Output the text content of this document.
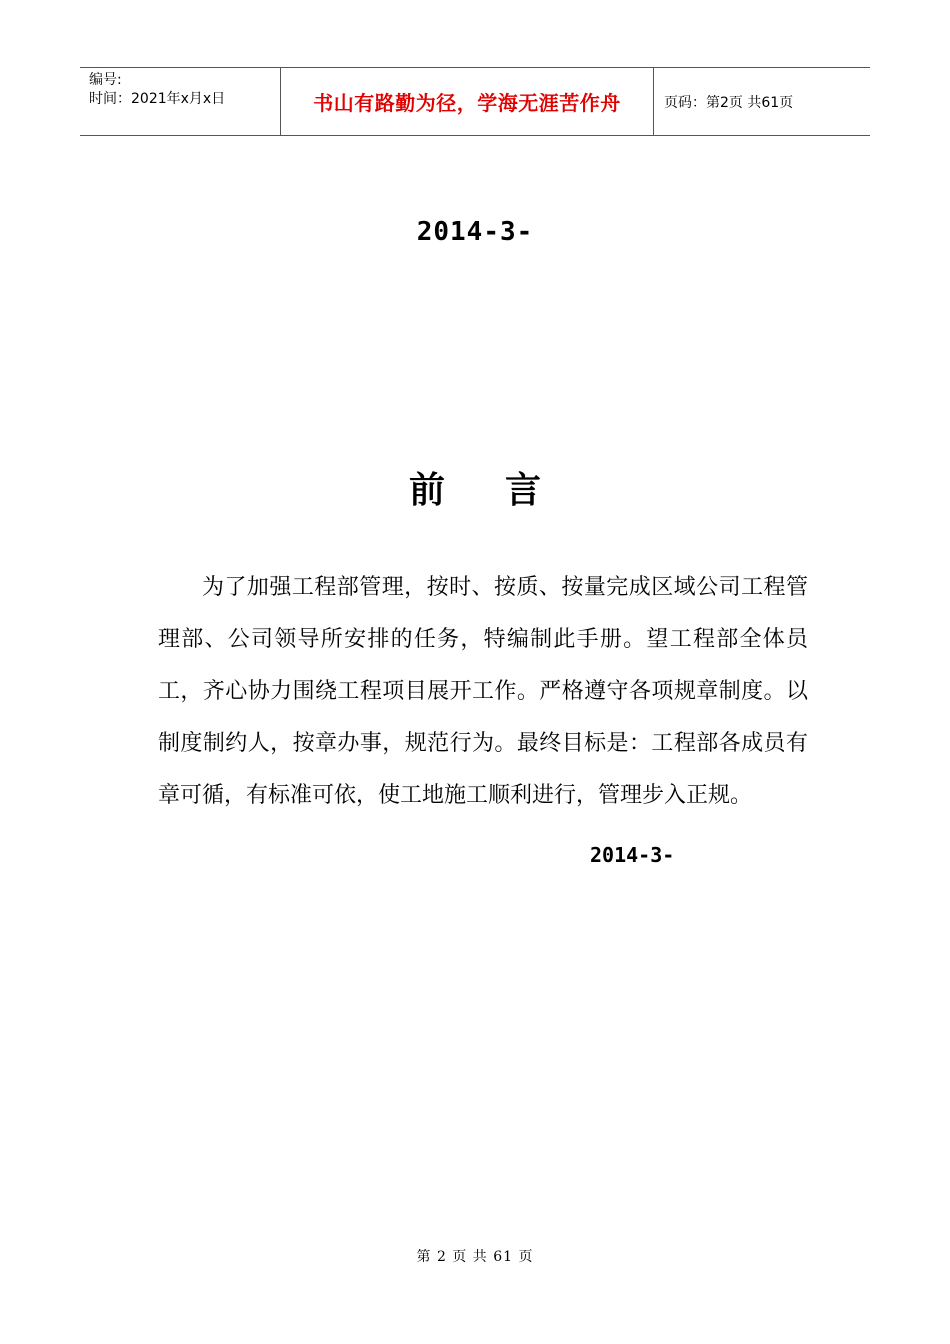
编号:
时间：2021年x月x日	书山有路勤为径，学海无涯苦作舟	页码：第2页 共61页
2014-3-
前 言
为了加强工程部管理，按时、按质、按量完成区域公司工程管理部、公司领导所安排的任务，特编制此手册。望工程部全体员工，齐心协力围绕工程项目展开工作。严格遵守各项规章制度。以制度制约人，按章办事，规范行为。最终目标是：工程部各成员有章可循，有标准可依，使工地施工顺利进行，管理步入正规。
2014-3-
第 2 页 共 61 页
